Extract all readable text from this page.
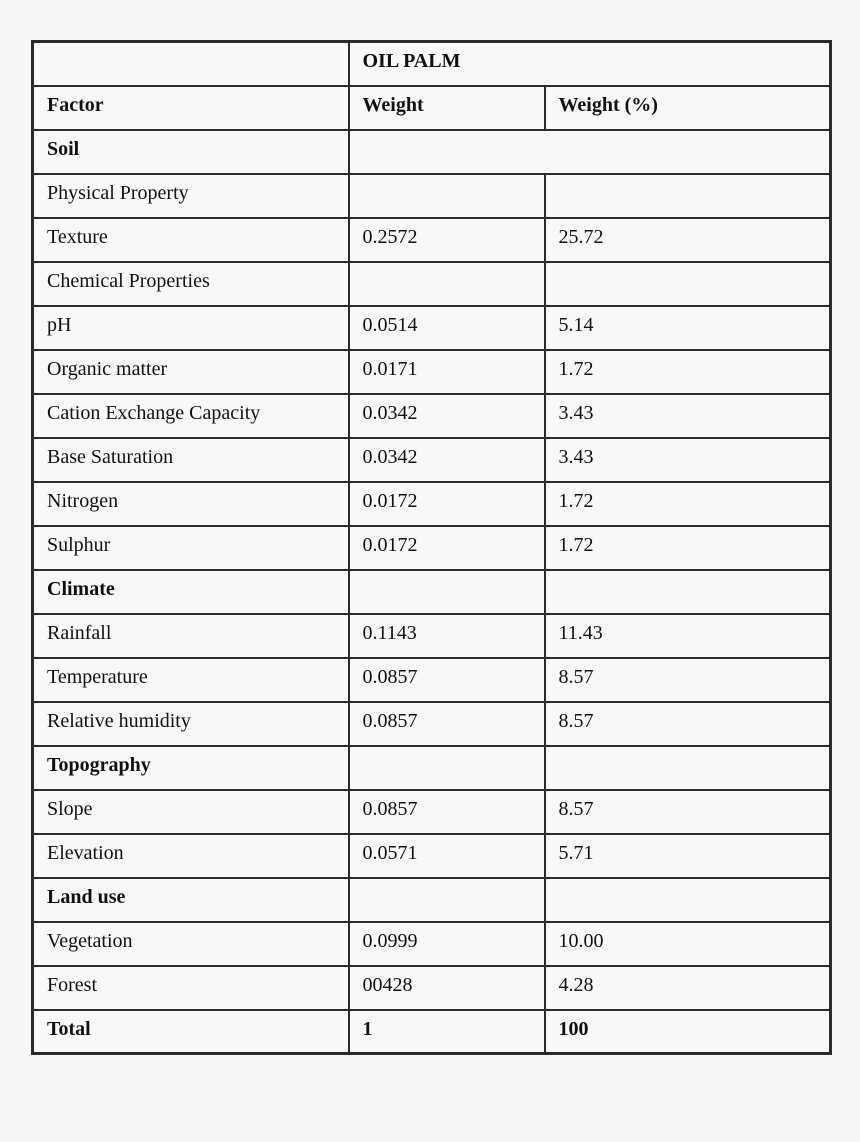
	OIL PALM	
Factor	Weight	Weight (%)
Soil		
Physical Property		
Texture	0.2572	25.72
Chemical Properties		
pH	0.0514	5.14
Organic matter	0.0171	1.72
Cation Exchange Capacity	0.0342	3.43
Base Saturation	0.0342	3.43
Nitrogen	0.0172	1.72
Sulphur	0.0172	1.72
Climate		
Rainfall	0.1143	11.43
Temperature	0.0857	8.57
Relative humidity	0.0857	8.57
Topography		
Slope	0.0857	8.57
Elevation	0.0571	5.71
Land use		
Vegetation	0.0999	10.00
Forest	00428	4.28
Total	1	100
